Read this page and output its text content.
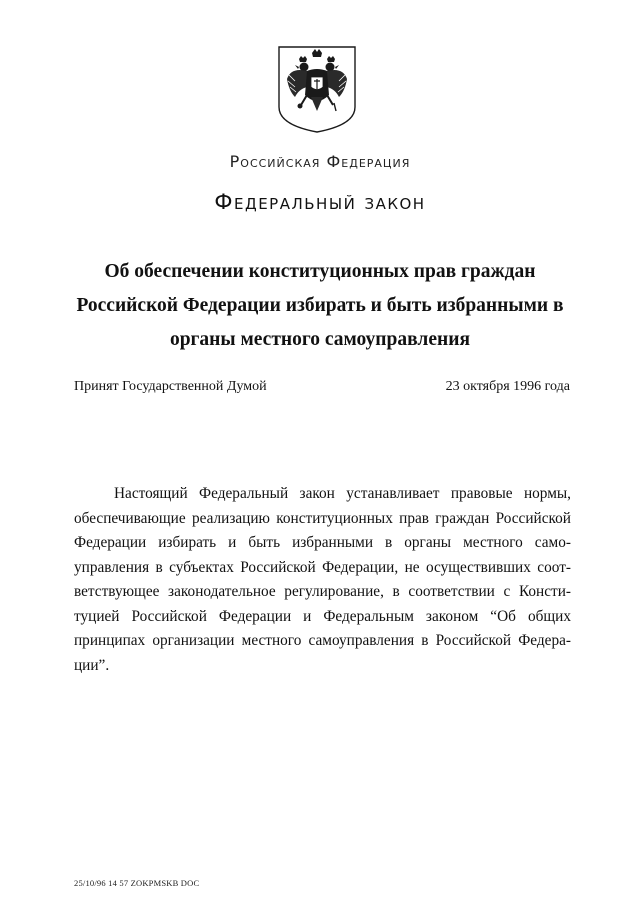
Российская Федерация
Федеральный закон
Об обеспечении конституционных прав граждан
Российской Федерации избирать и быть избранными в
органы местного самоуправления
Принят Государственной Думой	23 октября 1996 года
Настоящий Федеральный закон устанавливает правовые нормы, обеспечивающие реализацию конституционных прав граждан Российской Федерации избирать и быть избранными в органы местного самоуправления в субъектах Российской Федерации, не осуществивших соответствующее законодательное регулирование, в соответствии с Конституцией Российской Федерации и Федеральным законом “Об общих принципах организации местного самоуправления в Российской Федерации”.
25/10/96 14 57 ZOKPMSKB DOC
